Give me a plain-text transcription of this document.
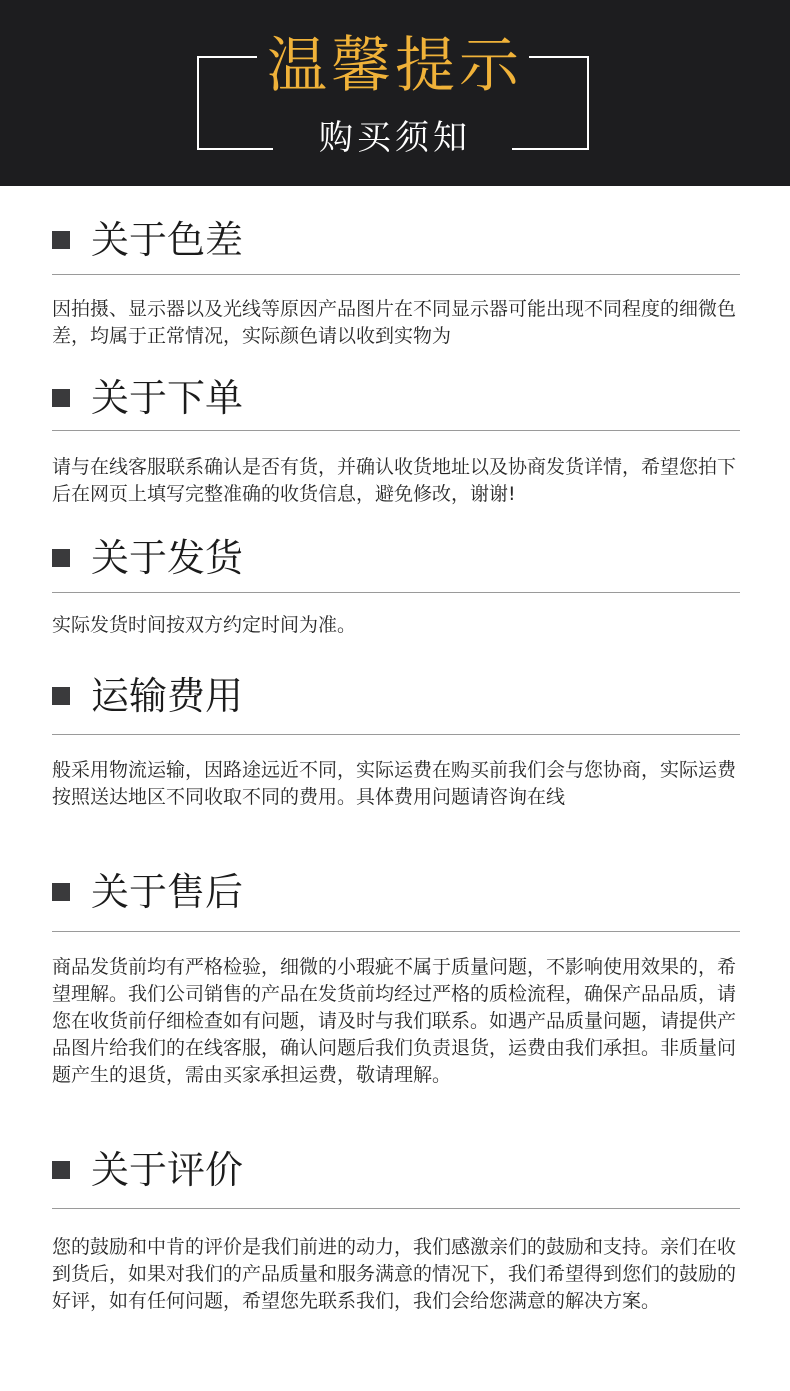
温馨提示
购买须知
关于色差
因拍摄、显示器以及光线等原因产品图片在不同显示器可能出现不同程度的细微色差，均属于正常情况，实际颜色请以收到实物为
关于下单
请与在线客服联系确认是否有货，并确认收货地址以及协商发货详情，希望您拍下后在网页上填写完整准确的收货信息，避免修改，谢谢!
关于发货
实际发货时间按双方约定时间为准。
运输费用
般采用物流运输，因路途远近不同，实际运费在购买前我们会与您协商，实际运费按照送达地区不同收取不同的费用。具体费用问题请咨询在线
关于售后
商品发货前均有严格检验，细微的小瑕疵不属于质量问题，不影响使用效果的，希望理解。我们公司销售的产品在发货前均经过严格的质检流程，确保产品品质，请您在收货前仔细检查如有问题，请及时与我们联系。如遇产品质量问题，请提供产品图片给我们的在线客服，确认问题后我们负责退货，运费由我们承担。非质量问题产生的退货，需由买家承担运费，敬请理解。
关于评价
您的鼓励和中肯的评价是我们前进的动力，我们感激亲们的鼓励和支持。亲们在收到货后，如果对我们的产品质量和服务满意的情况下，我们希望得到您们的鼓励的好评，如有任何问题，希望您先联系我们，我们会给您满意的解决方案。
